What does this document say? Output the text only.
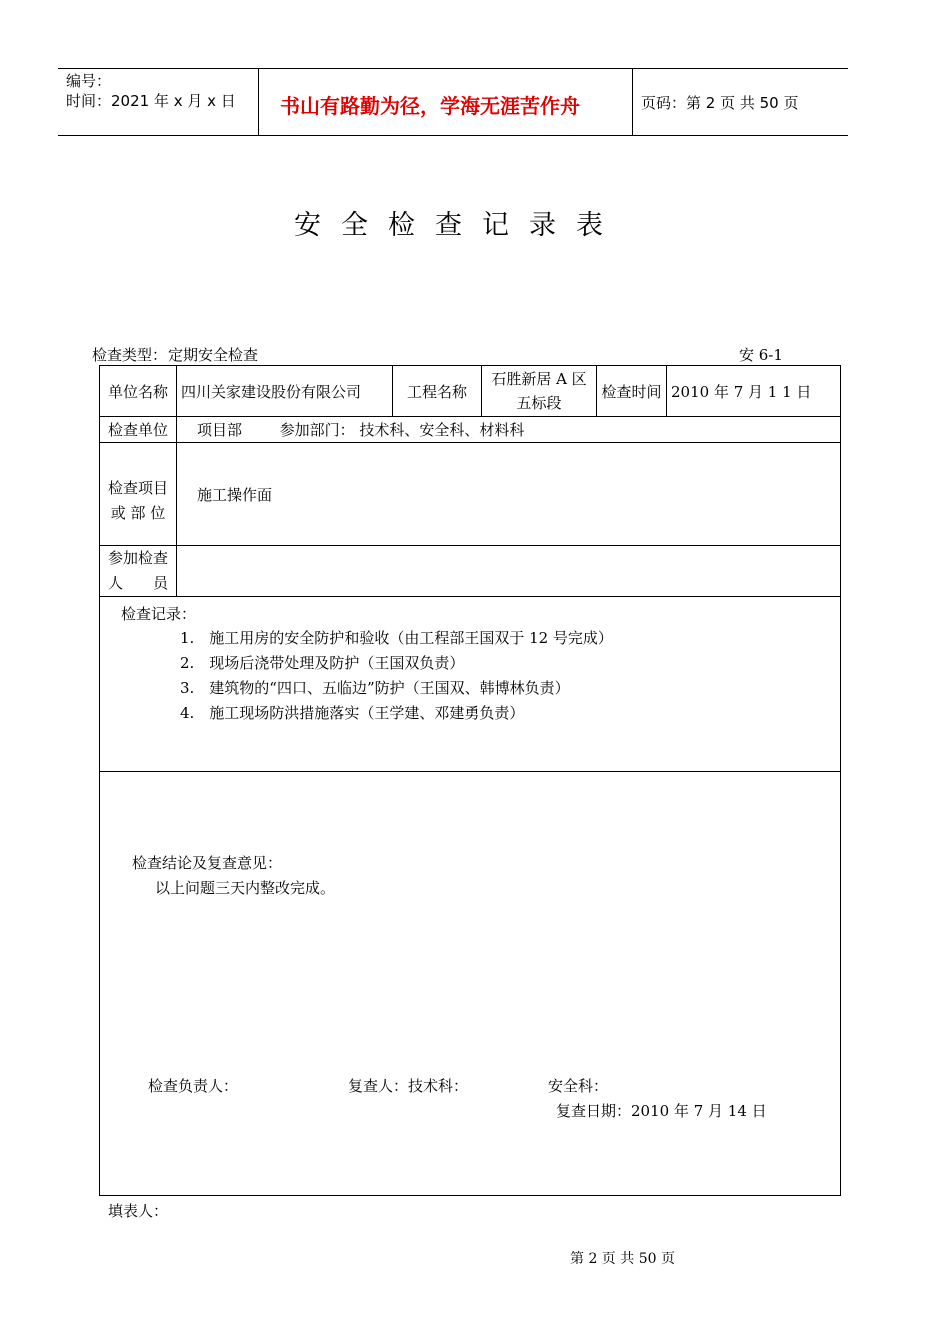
编号：
时间：2021 年 x 月 x 日 书山有路勤为径，学海无涯苦作舟	页码：第 2 页 共 50 页
安全检查记录表
检查类型： 定期安全检查	安 6-1
单位名称	四川关家建设股份有限公司	工程名称	石胜新居 A 区
五标段	检查时间	2010 年 7 月 1 1 日
检查单位	项目部 参加部门： 技术科、安全科、材料科				

检查项目
或 部 位	施工操作面				

参加检查
人　　员					

检查记录：
1.　施工用房的安全防护和验收（由工程部王国双于 12 号完成）
2.　现场后浇带处理及防护（王国双负责）
3.　建筑物的“四口、五临边”防护（王国双、韩博林负责）
4.　施工现场防洪措施落实（王学建、邓建勇负责）
检查结论及复查意见：
以上问题三天内整改完成。
检查负责人：	复查人：技术科：	安全科：
复查日期：2010 年 7 月 14 日
填表人：
第 2 页 共 50 页
